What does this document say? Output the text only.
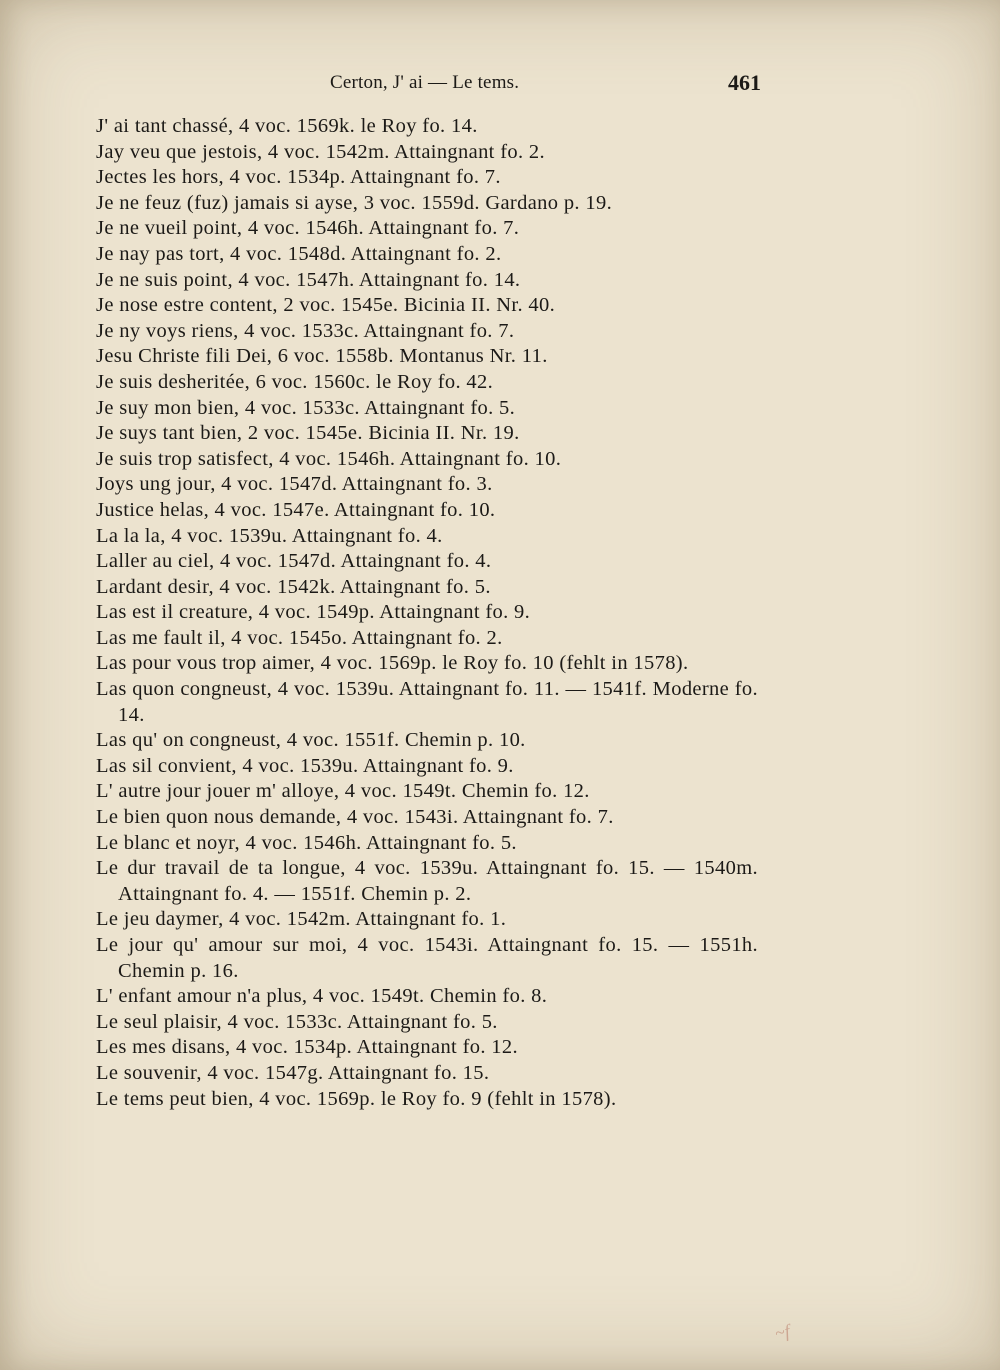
Certon, J' ai — Le tems.	461
J' ai tant chassé, 4 voc. 1569k. le Roy fo. 14.
Jay veu que jestois, 4 voc. 1542m. Attaingnant fo. 2.
Jectes les hors, 4 voc. 1534p. Attaingnant fo. 7.
Je ne feuz (fuz) jamais si ayse, 3 voc. 1559d. Gardano p. 19.
Je ne vueil point, 4 voc. 1546h. Attaingnant fo. 7.
Je nay pas tort, 4 voc. 1548d. Attaingnant fo. 2.
Je ne suis point, 4 voc. 1547h. Attaingnant fo. 14.
Je nose estre content, 2 voc. 1545e. Bicinia II. Nr. 40.
Je ny voys riens, 4 voc. 1533c. Attaingnant fo. 7.
Jesu Christe fili Dei, 6 voc. 1558b. Montanus Nr. 11.
Je suis desheritée, 6 voc. 1560c. le Roy fo. 42.
Je suy mon bien, 4 voc. 1533c. Attaingnant fo. 5.
Je suys tant bien, 2 voc. 1545e. Bicinia II. Nr. 19.
Je suis trop satisfect, 4 voc. 1546h. Attaingnant fo. 10.
Joys ung jour, 4 voc. 1547d. Attaingnant fo. 3.
Justice helas, 4 voc. 1547e. Attaingnant fo. 10.
La la la, 4 voc. 1539u. Attaingnant fo. 4.
Laller au ciel, 4 voc. 1547d. Attaingnant fo. 4.
Lardant desir, 4 voc. 1542k. Attaingnant fo. 5.
Las est il creature, 4 voc. 1549p. Attaingnant fo. 9.
Las me fault il, 4 voc. 1545o. Attaingnant fo. 2.
Las pour vous trop aimer, 4 voc. 1569p. le Roy fo. 10 (fehlt in 1578).
Las quon congneust, 4 voc. 1539u. Attaingnant fo. 11. — 1541f. Moderne fo. 14.
Las qu' on congneust, 4 voc. 1551f. Chemin p. 10.
Las sil convient, 4 voc. 1539u. Attaingnant fo. 9.
L' autre jour jouer m' alloye, 4 voc. 1549t. Chemin fo. 12.
Le bien quon nous demande, 4 voc. 1543i. Attaingnant fo. 7.
Le blanc et noyr, 4 voc. 1546h. Attaingnant fo. 5.
Le dur travail de ta longue, 4 voc. 1539u. Attaingnant fo. 15. — 1540m. Attaingnant fo. 4. — 1551f. Chemin p. 2.
Le jeu daymer, 4 voc. 1542m. Attaingnant fo. 1.
Le jour qu' amour sur moi, 4 voc. 1543i. Attaingnant fo. 15. — 1551h. Chemin p. 16.
L' enfant amour n'a plus, 4 voc. 1549t. Chemin fo. 8.
Le seul plaisir, 4 voc. 1533c. Attaingnant fo. 5.
Les mes disans, 4 voc. 1534p. Attaingnant fo. 12.
Le souvenir, 4 voc. 1547g. Attaingnant fo. 15.
Le tems peut bien, 4 voc. 1569p. le Roy fo. 9 (fehlt in 1578).
~f
